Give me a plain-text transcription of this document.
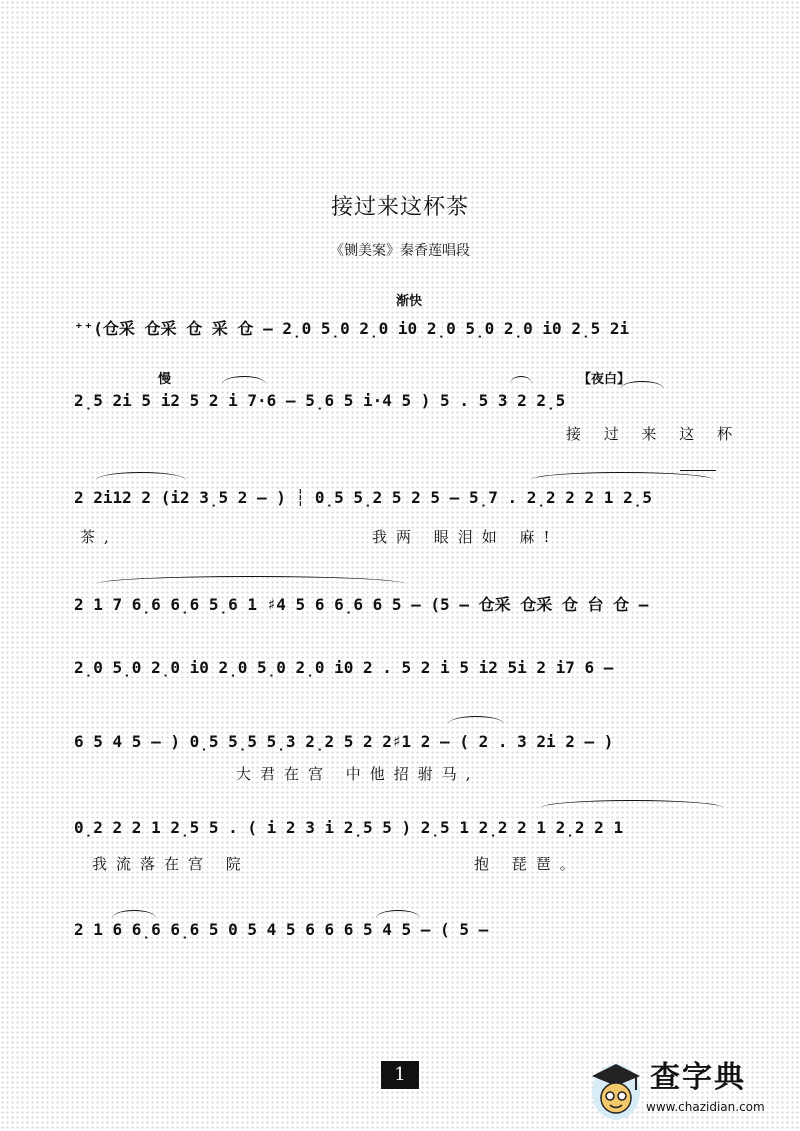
接过来这杯茶
《铡美案》秦香莲唱段
渐快
慢	【夜白】
⁺⁺(仓采 仓采 仓 采 仓 – 2̣0 5̣0 2̣0 i0 2̣0 5̣0 2̣0 i0 2̣5 2i
2̣5 2i 5 i2 5 2 i 7·6 – 5̣6 5 i·4 5 ) 5 . 5 3 2 2̣5
2 2i12 2 (i2 3̣5 2 – ) ┆ 0̣5 5̣2 5 2 5 – 5̣7 . 2̣2 2 2 1 2̣5
2 1 7 6̣6 6̣6 5̣6 1 ♯4 5 6 6̣6 6 5 – (5 – 仓采 仓采 仓 台 仓 –
2̣0 5̣0 2̣0 i0 2̣0 5̣0 2̣0 i0 2 . 5 2 i 5 i2 5i 2 i7 6 –
6 5 4 5 – ) 0̣5 5̣5 5̣3 2̣2 5 2 2♯1 2 – ( 2 . 3 2i 2 – )
0̣2 2 2 1 2̣5 5 . ( i 2 3 i 2̣5 5 ) 2̣5 1 2̣2 2 1 2̣2 2 1
2 1 6 6̣6 6̣6 5 0 5 4 5 6 6 6 5 4 5 – ( 5 –
接 过 来 这 杯
茶,	我两 眼泪如 麻!
大君在宫 中他招驸马,
我流落在宫 院	抱 琵琶。
1	查字典
www.chazidian.com
